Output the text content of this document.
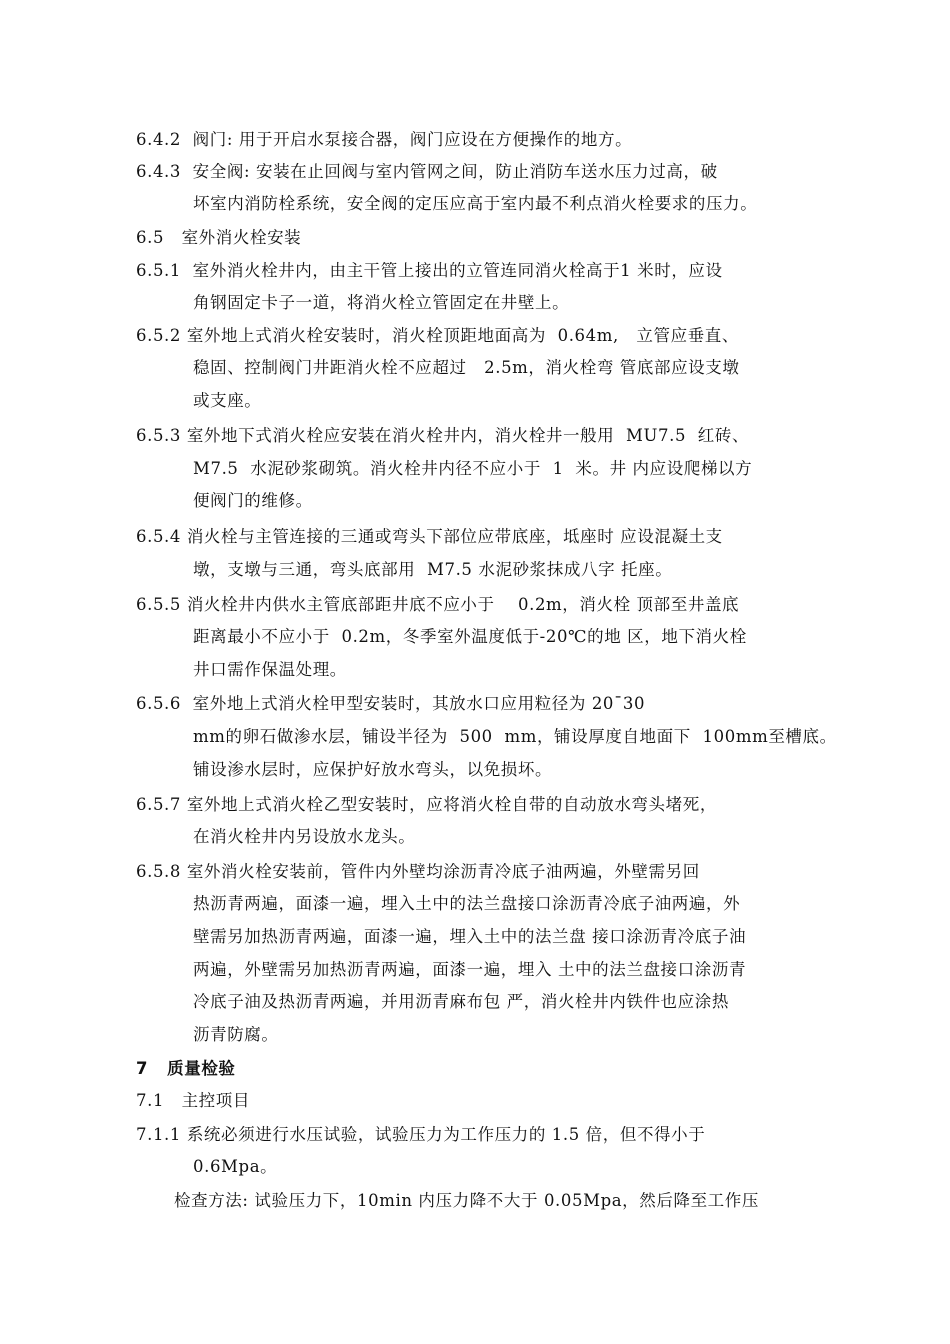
6.4.2  阀门: 用于开启水泵接合器，阀门应设在方便操作的地方。
6.4.3  安全阀: 安装在止回阀与室内管网之间，防止消防车送水压力过高，破
坏室内消防栓系统，安全阀的定压应高于室内最不利点消火栓要求的压力。
6.5   室外消火栓安装
6.5.1  室外消火栓井内，由主干管上接出的立管连同消火栓高于1 米时，应设
角钢固定卡子一道，将消火栓立管固定在井壁上。
6.5.2 室外地上式消火栓安装时，消火栓顶距地面高为  0.64m,   立管应垂直、
稳固、控制阀门井距消火栓不应超过   2.5m，消火栓弯 管底部应设支墩
或支座。
6.5.3 室外地下式消火栓应安装在消火栓井内，消火栓井一般用  MU7.5  红砖、
M7.5  水泥砂浆砌筑。消火栓井内径不应小于  1  米。井 内应设爬梯以方
便阀门的维修。
6.5.4 消火栓与主管连接的三通或弯头下部位应带底座，坻座时 应设混凝土支
墩，支墩与三通，弯头底部用  M7.5 水泥砂浆抹成八字 托座。
6.5.5 消火栓井内供水主管底部距井底不应小于    0.2m，消火栓 顶部至井盖底
距离最小不应小于  0.2m，冬季室外温度低于-20℃的地 区，地下消火栓
井口需作保温处理。
6.5.6  室外地上式消火栓甲型安装时，其放水口应用粒径为 20¯30
mm的卵石做渗水层，铺设半径为  500  mm，铺设厚度自地面下  100mm至槽底。
铺设渗水层时，应保护好放水弯头，以免损坏。
6.5.7 室外地上式消火栓乙型安装时，应将消火栓自带的自动放水弯头堵死，
在消火栓井内另设放水龙头。
6.5.8 室外消火栓安装前，管件内外壁均涂沥青冷底子油两遍，外壁需另回
热沥青两遍，面漆一遍，埋入土中的法兰盘接口涂沥青冷底子油两遍，外
壁需另加热沥青两遍，面漆一遍，埋入土中的法兰盘 接口涂沥青冷底子油
两遍，外壁需另加热沥青两遍，面漆一遍，埋入 土中的法兰盘接口涂沥青
冷底子油及热沥青两遍，并用沥青麻布包 严，消火栓井内铁件也应涂热
沥青防腐。
7   质量检验
7.1   主控项目
7.1.1 系统必须进行水压试验，试验压力为工作压力的 1.5 倍，但不得小于
0.6Mpa。
检查方法: 试验压力下，10min 内压力降不大于 0.05Mpa，然后降至工作压
